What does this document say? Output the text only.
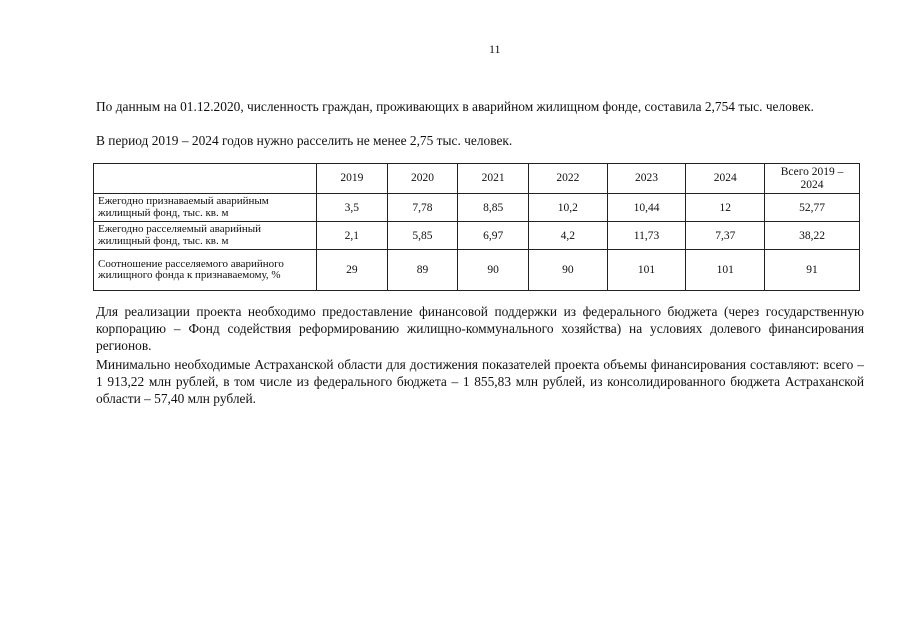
11

По данным на 01.12.2020, численность граждан, проживающих в аварийном жилищном фонде, составила 2,754 тыс. человек.

В период 2019 – 2024 годов нужно расселить не менее 2,75 тыс. человек.

	2019	2020	2021	2022	2023	2024	Всего 2019 – 2024
Ежегодно признаваемый аварийным жилищный фонд, тыс. кв. м	3,5	7,78	8,85	10,2	10,44	12	52,77
Ежегодно расселяемый аварийный жилищный фонд, тыс. кв. м	2,1	5,85	6,97	4,2	11,73	7,37	38,22
Соотношение расселяемого аварийного жилищного фонда к признаваемому, %	29	89	90	90	101	101	91

Для реализации проекта необходимо предоставление финансовой поддержки из федерального бюджета (через государственную корпорацию – Фонд содействия реформированию жилищно-коммунального хозяйства) на условиях долевого финансирования регионов.

Минимально необходимые Астраханской области для достижения показателей проекта объемы финансирования составляют: всего – 1 913,22 млн рублей, в том числе из федерального бюджета – 1 855,83 млн рублей, из консолидированного бюджета Астраханской области – 57,40 млн рублей.
